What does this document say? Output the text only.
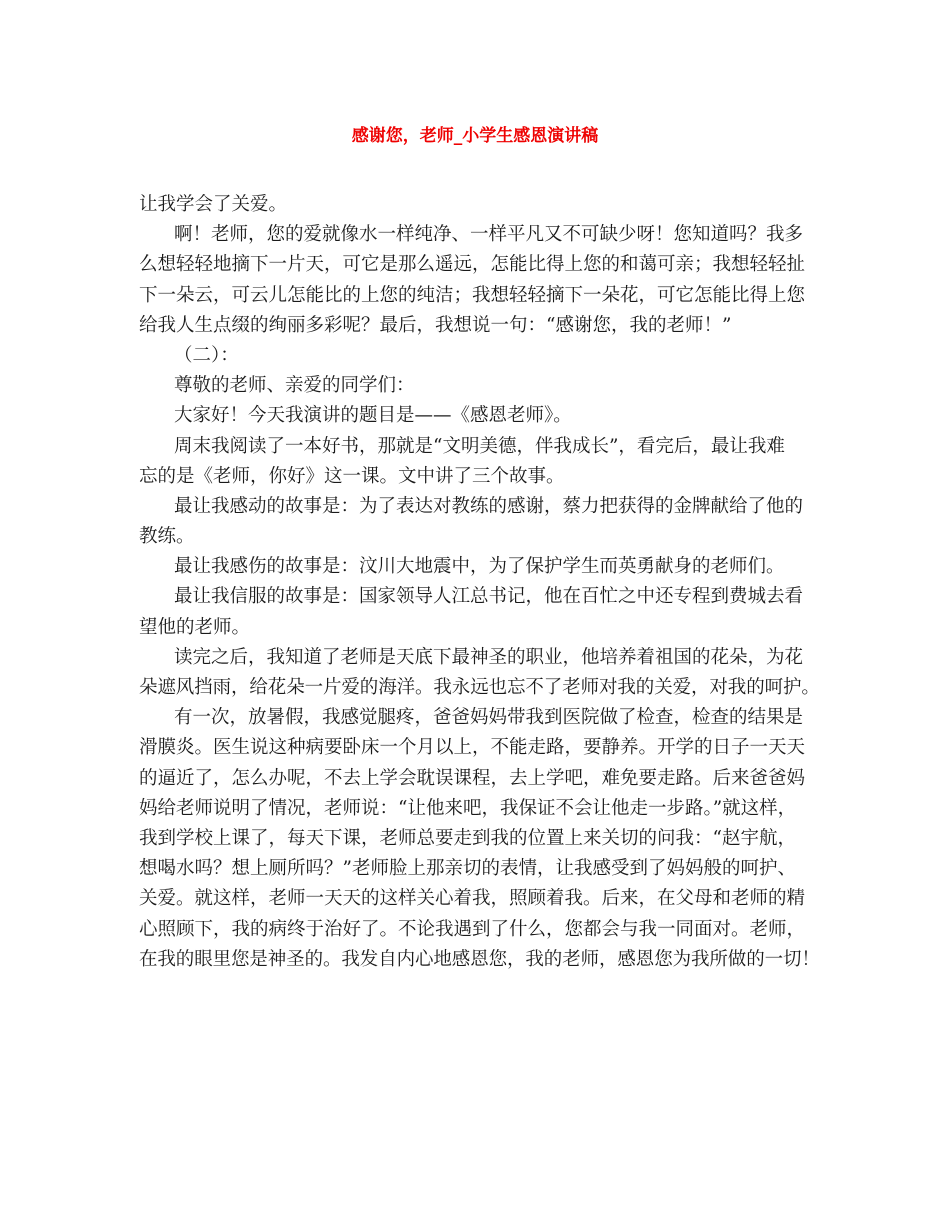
感谢您，老师_小学生感恩演讲稿
让我学会了关爱。
啊！老师，您的爱就像水一样纯净、一样平凡又不可缺少呀！您知道吗？我多
么想轻轻地摘下一片天，可它是那么遥远，怎能比得上您的和蔼可亲；我想轻轻扯
下一朵云，可云儿怎能比的上您的纯洁；我想轻轻摘下一朵花，可它怎能比得上您
给我人生点缀的绚丽多彩呢？最后，我想说一句：“感谢您，我的老师！”
（二）：
尊敬的老师、亲爱的同学们：
大家好！今天我演讲的题目是——《感恩老师》。
周末我阅读了一本好书，那就是“文明美德，伴我成长”，看完后，最让我难
忘的是《老师，你好》这一课。文中讲了三个故事。
最让我感动的故事是：为了表达对教练的感谢，蔡力把获得的金牌献给了他的
教练。
最让我感伤的故事是：汶川大地震中，为了保护学生而英勇献身的老师们。
最让我信服的故事是：国家领导人江总书记，他在百忙之中还专程到费城去看
望他的老师。
读完之后，我知道了老师是天底下最神圣的职业，他培养着祖国的花朵，为花
朵遮风挡雨，给花朵一片爱的海洋。我永远也忘不了老师对我的关爱，对我的呵护。
有一次，放暑假，我感觉腿疼，爸爸妈妈带我到医院做了检查，检查的结果是
滑膜炎。医生说这种病要卧床一个月以上，不能走路，要静养。开学的日子一天天
的逼近了，怎么办呢，不去上学会耽误课程，去上学吧，难免要走路。后来爸爸妈
妈给老师说明了情况，老师说：“让他来吧，我保证不会让他走一步路。”就这样，
我到学校上课了，每天下课，老师总要走到我的位置上来关切的问我：“赵宇航，
想喝水吗？想上厕所吗？”老师脸上那亲切的表情，让我感受到了妈妈般的呵护、
关爱。就这样，老师一天天的这样关心着我，照顾着我。后来，在父母和老师的精
心照顾下，我的病终于治好了。不论我遇到了什么，您都会与我一同面对。老师，
在我的眼里您是神圣的。我发自内心地感恩您，我的老师，感恩您为我所做的一切！
